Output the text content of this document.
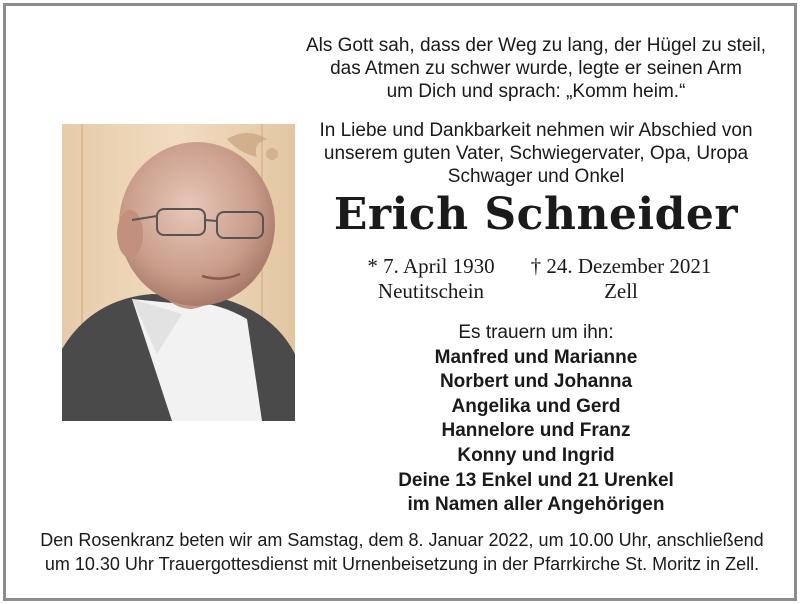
Als Gott sah, dass der Weg zu lang, der Hügel zu steil,
das Atmen zu schwer wurde, legte er seinen Arm
um Dich und sprach: „Komm heim.“
In Liebe und Dankbarkeit nehmen wir Abschied von
unserem guten Vater, Schwiegervater, Opa, Uropa
Schwager und Onkel
Erich Schneider
* 7. April 1930
Neutitschein
† 24. Dezember 2021
Zell
Es trauern um ihn:
Manfred und Marianne
Norbert und Johanna
Angelika und Gerd
Hannelore und Franz
Konny und Ingrid
Deine 13 Enkel und 21 Urenkel
im Namen aller Angehörigen
Den Rosenkranz beten wir am Samstag, dem 8. Januar 2022, um 10.00 Uhr, anschließend
um 10.30 Uhr Trauergottesdienst mit Urnenbeisetzung in der Pfarrkirche St. Moritz in Zell.
